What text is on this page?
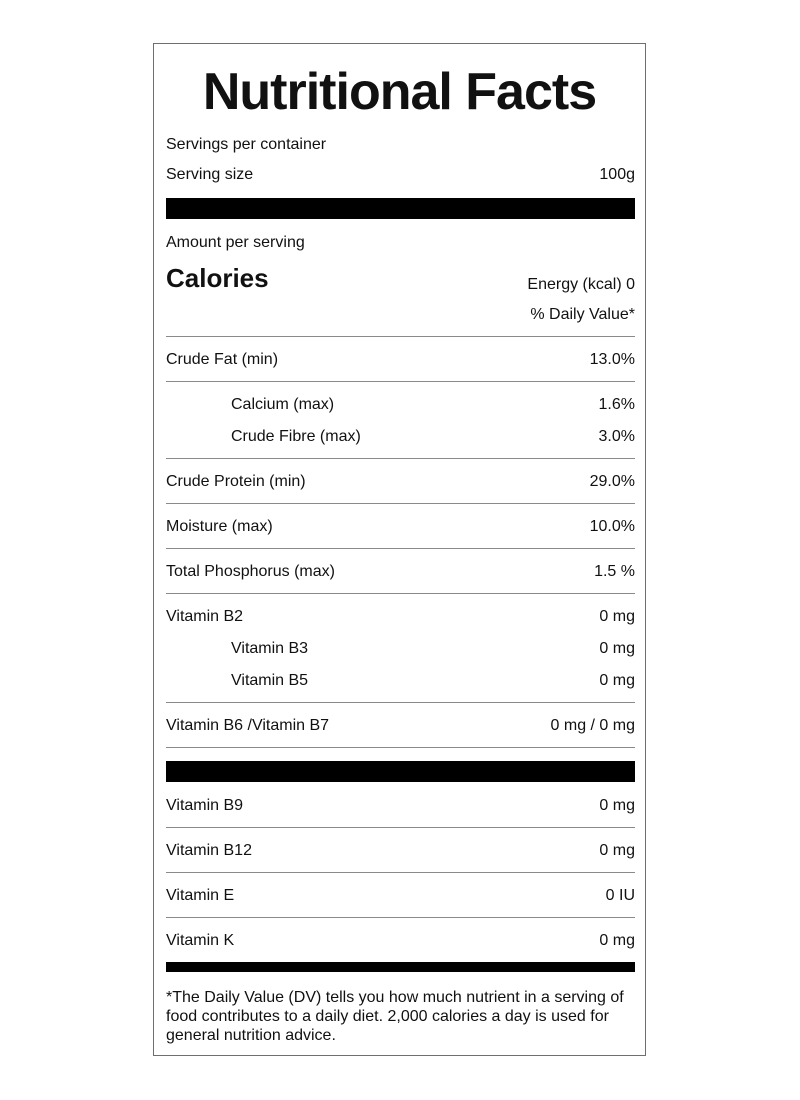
Nutritional Facts
Servings per container
Serving size	100g
Amount per serving
Calories	Energy (kcal) 0
% Daily Value*
Crude Fat (min)	13.0%
Calcium (max)	1.6%
Crude Fibre (max)	3.0%
Crude Protein (min)	29.0%
Moisture (max)	10.0%
Total Phosphorus (max)	1.5 %
Vitamin B2	0 mg
Vitamin B3	0 mg
Vitamin B5	0 mg
Vitamin B6 /Vitamin B7	0 mg / 0 mg
Vitamin B9	0 mg
Vitamin B12	0 mg
Vitamin E	0 IU
Vitamin K	0 mg
*The Daily Value (DV) tells you how much nutrient in a serving of food contributes to a daily diet. 2,000 calories a day is used for general nutrition advice.
